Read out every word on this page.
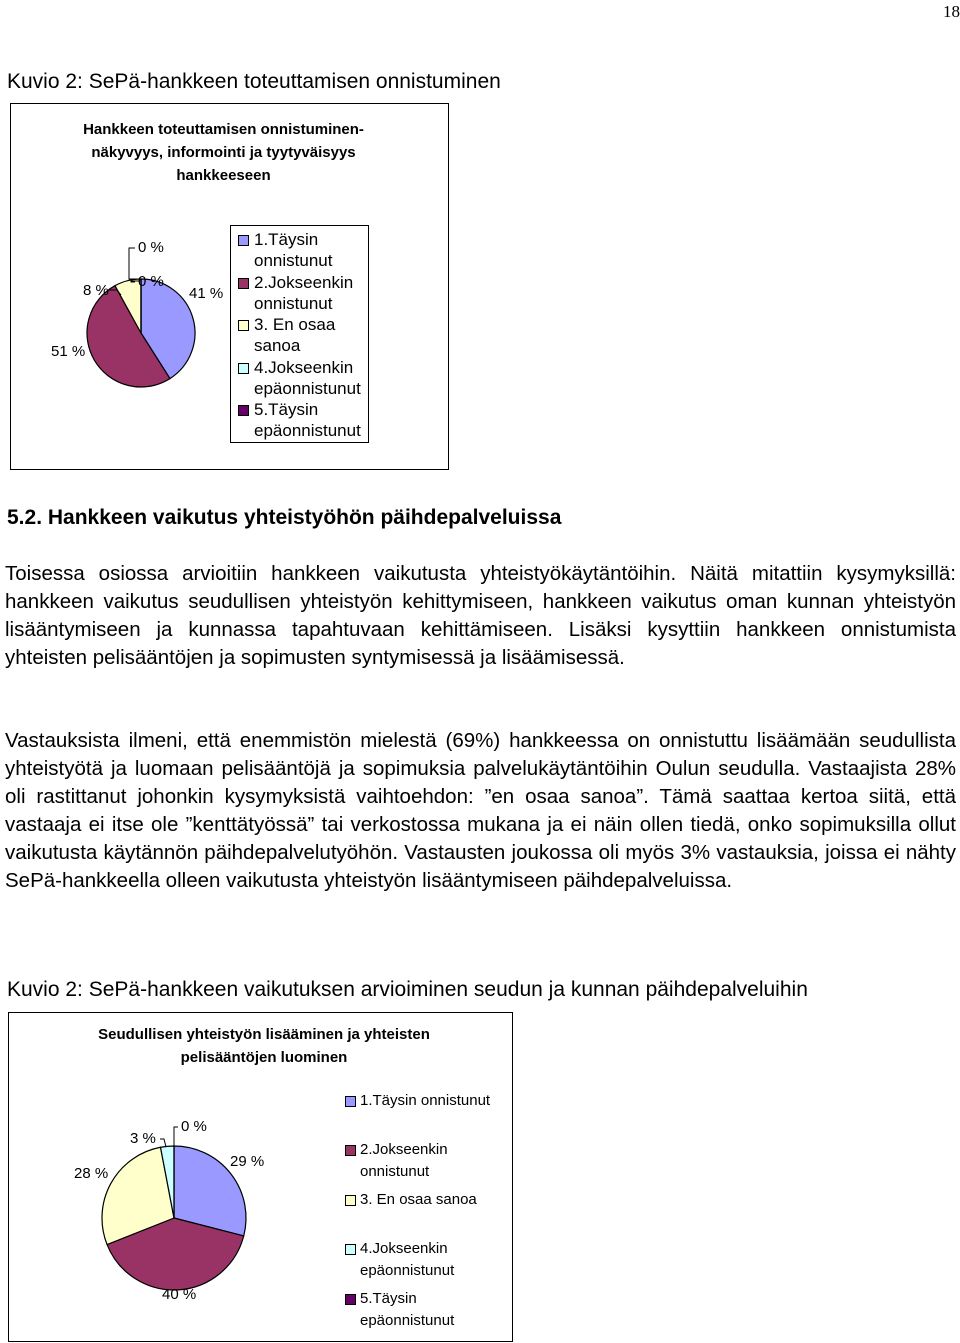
18
Kuvio 2: SePä-hankkeen toteuttamisen onnistuminen
Hankkeen toteuttamisen onnistuminen-
näkyvyys, informointi ja tyytyväisyys
hankkeeseen
41 %
51 %
8 %
0 %
0 %
1.Täysin
onnistunut
2.Jokseenkin
onnistunut
3. En osaa
sanoa
4.Jokseenkin
epäonnistunut
5.Täysin
epäonnistunut
5.2. Hankkeen vaikutus yhteistyöhön päihdepalveluissa

Toisessa osiossa arvioitiin hankkeen vaikutusta yhteistyökäytäntöihin. Näitä mitattiin kysymyksillä: hankkeen vaikutus seudullisen yhteistyön kehittymiseen, hankkeen vaikutus oman kunnan yhteistyön lisääntymiseen ja kunnassa tapahtuvaan kehittämiseen. Lisäksi kysyttiin hankkeen onnistumista yhteisten pelisääntöjen ja sopimusten syntymisessä ja lisäämisessä.

Vastauksista ilmeni, että enemmistön mielestä (69%) hankkeessa on onnistuttu lisäämään seudullista yhteistyötä ja luomaan pelisääntöjä ja sopimuksia palvelukäytäntöihin Oulun seudulla. Vastaajista 28% oli rastittanut johonkin kysymyksistä vaihtoehdon: ”en osaa sanoa”. Tämä saattaa kertoa siitä, että vastaaja ei itse ole ”kenttätyössä” tai verkostossa mukana ja ei näin ollen tiedä, onko sopimuksilla ollut vaikutusta käytännön päihdepalvelutyöhön. Vastausten joukossa oli myös 3% vastauksia, joissa ei nähty SePä-hankkeella olleen vaikutusta yhteistyön lisääntymiseen päihdepalveluissa.

Kuvio 2: SePä-hankkeen vaikutuksen arvioiminen seudun ja kunnan päihdepalveluihin
Seudullisen yhteistyön lisääminen ja yhteisten
pelisääntöjen luominen
29 %
40 %
28 %
3 %
0 %
1.Täysin onnistunut
2.Jokseenkin
onnistunut
3. En osaa sanoa
4.Jokseenkin
epäonnistunut
5.Täysin
epäonnistunut
